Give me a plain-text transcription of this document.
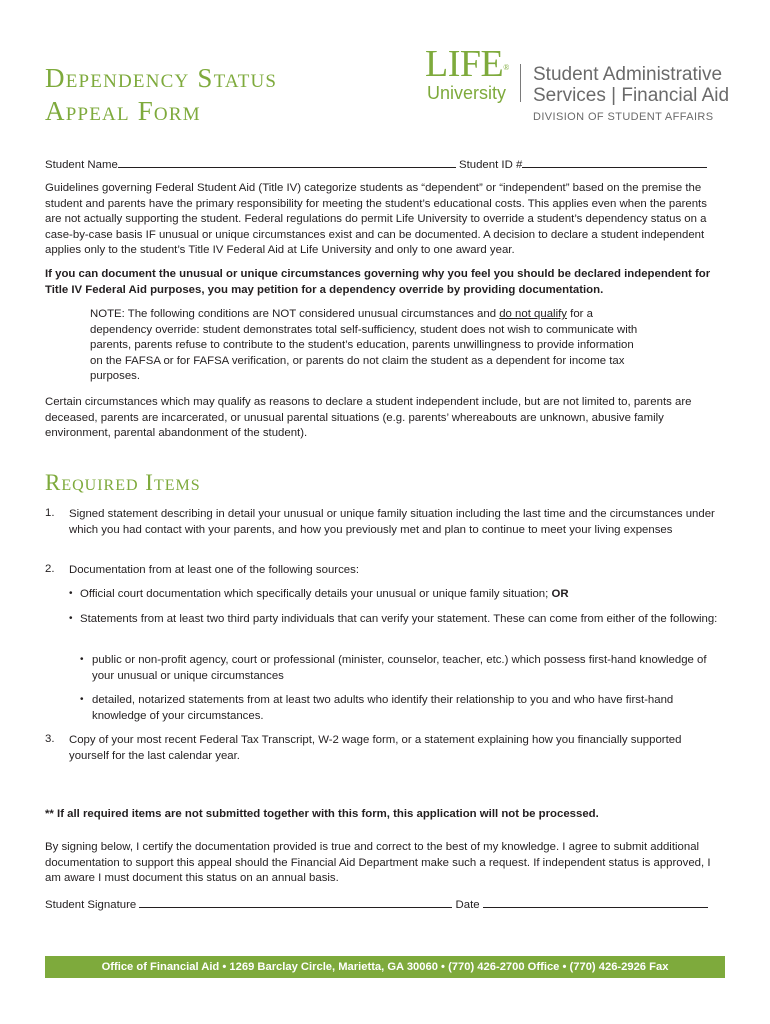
Dependency Status
Appeal Form
LIFE®
University
Student Administrative
Services | Financial Aid
DIVISION OF STUDENT AFFAIRS
Student Name	Student ID #

Guidelines governing Federal Student Aid (Title IV) categorize students as “dependent” or “independent” based on the premise the student and parents have the primary responsibility for meeting the student’s educational costs. This applies even when the parents are not actually supporting the student. Federal regulations do permit Life University to override a student’s dependency status on a case-by-case basis IF unusual or unique circumstances exist and can be documented. A decision to declare a student independent applies only to the student’s Title IV Federal Aid at Life University and only to one award year.

If you can document the unusual or unique circumstances governing why you feel you should be declared independent for Title IV Federal Aid purposes, you may petition for a dependency override by providing documentation.

NOTE: The following conditions are NOT considered unusual circumstances and do not qualify for a dependency override: student demonstrates total self-sufficiency, student does not wish to communicate with parents, parents refuse to contribute to the student’s education, parents unwillingness to provide information on the FAFSA or for FAFSA verification, or parents do not claim the student as a dependent for income tax purposes.

Certain circumstances which may qualify as reasons to declare a student independent include, but are not limited to, parents are deceased, parents are incarcerated, or unusual parental situations (e.g. parents’ whereabouts are unknown, abusive family environment, parental abandonment of the student).

Required Items
1. Signed statement describing in detail your unusual or unique family situation including the last time and the circumstances under which you had contact with your parents, and how you previously met and plan to continue to meet your living expenses
2. Documentation from at least one of the following sources:
• Official court documentation which specifically details your unusual or unique family situation; OR
• Statements from at least two third party individuals that can verify your statement. These can come from either of the following:
• public or non-profit agency, court or professional (minister, counselor, teacher, etc.) which possess first-hand knowledge of your unusual or unique circumstances
• detailed, notarized statements from at least two adults who identify their relationship to you and who have first-hand knowledge of your circumstances.
3. Copy of your most recent Federal Tax Transcript, W-2 wage form, or a statement explaining how you financially supported yourself for the last calendar year.

** If all required items are not submitted together with this form, this application will not be processed.

By signing below, I certify the documentation provided is true and correct to the best of my knowledge. I agree to submit additional documentation to support this appeal should the Financial Aid Department make such a request. If independent status is approved, I am aware I must document this status on an annual basis.

Student Signature	Date
Office of Financial Aid • 1269 Barclay Circle, Marietta, GA 30060 • (770) 426-2700 Office • (770) 426-2926 Fax
